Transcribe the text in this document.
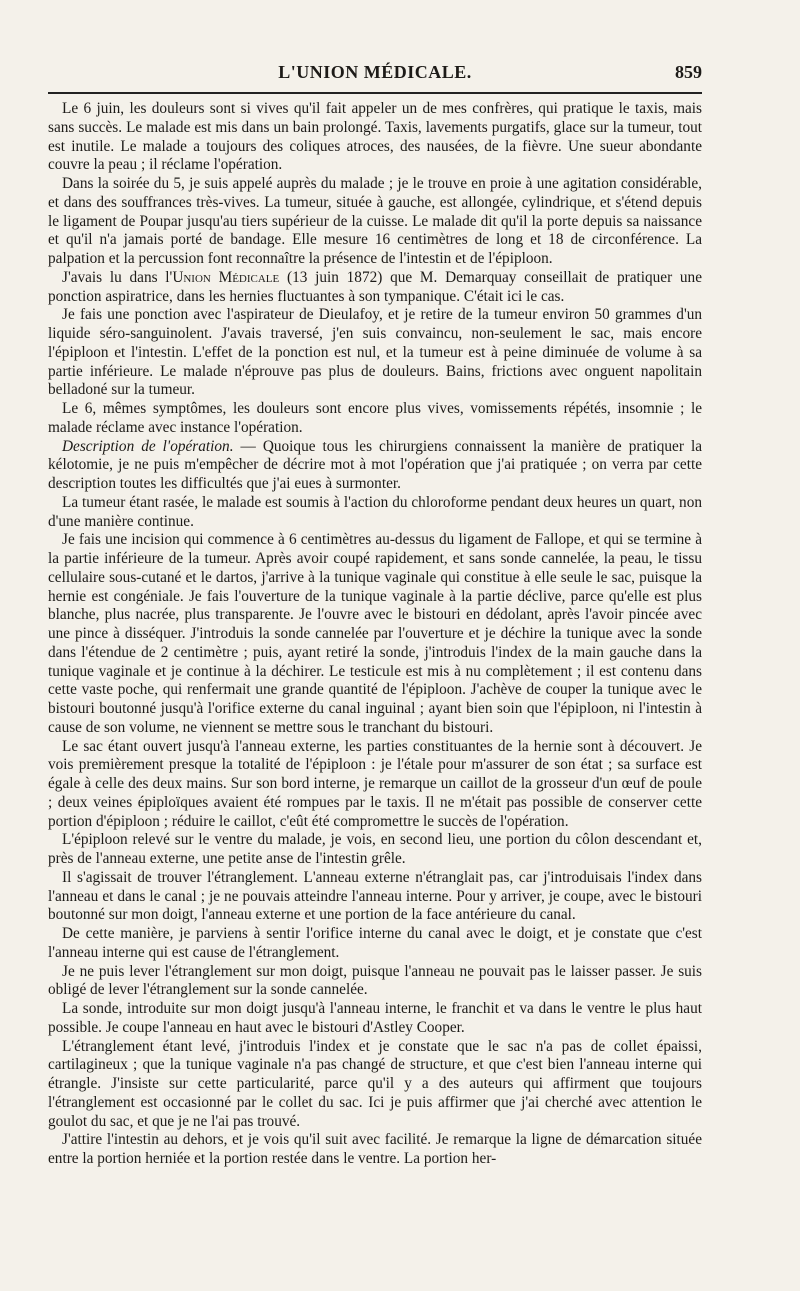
L'UNION MÉDICALE.	859

Le 6 juin, les douleurs sont si vives qu'il fait appeler un de mes confrères, qui pratique le taxis, mais sans succès. Le malade est mis dans un bain prolongé. Taxis, lavements purgatifs, glace sur la tumeur, tout est inutile. Le malade a toujours des coliques atroces, des nausées, de la fièvre. Une sueur abondante couvre la peau ; il réclame l'opération.

Dans la soirée du 5, je suis appelé auprès du malade ; je le trouve en proie à une agitation considérable, et dans des souffrances très-vives. La tumeur, située à gauche, est allongée, cylindrique, et s'étend depuis le ligament de Poupar jusqu'au tiers supérieur de la cuisse. Le malade dit qu'il la porte depuis sa naissance et qu'il n'a jamais porté de bandage. Elle mesure 16 centimètres de long et 18 de circonférence. La palpation et la percussion font reconnaître la présence de l'intestin et de l'épiploon.

J'avais lu dans l'Union Médicale (13 juin 1872) que M. Demarquay conseillait de pratiquer une ponction aspiratrice, dans les hernies fluctuantes à son tympanique. C'était ici le cas.

Je fais une ponction avec l'aspirateur de Dieulafoy, et je retire de la tumeur environ 50 grammes d'un liquide séro-sanguinolent. J'avais traversé, j'en suis convaincu, non-seulement le sac, mais encore l'épiploon et l'intestin. L'effet de la ponction est nul, et la tumeur est à peine diminuée de volume à sa partie inférieure. Le malade n'éprouve pas plus de douleurs. Bains, frictions avec onguent napolitain belladoné sur la tumeur.

Le 6, mêmes symptômes, les douleurs sont encore plus vives, vomissements répétés, insomnie ; le malade réclame avec instance l'opération.

Description de l'opération. — Quoique tous les chirurgiens connaissent la manière de pratiquer la kélotomie, je ne puis m'empêcher de décrire mot à mot l'opération que j'ai pratiquée ; on verra par cette description toutes les difficultés que j'ai eues à surmonter.

La tumeur étant rasée, le malade est soumis à l'action du chloroforme pendant deux heures un quart, non d'une manière continue.

Je fais une incision qui commence à 6 centimètres au-dessus du ligament de Fallope, et qui se termine à la partie inférieure de la tumeur. Après avoir coupé rapidement, et sans sonde cannelée, la peau, le tissu cellulaire sous-cutané et le dartos, j'arrive à la tunique vaginale qui constitue à elle seule le sac, puisque la hernie est congéniale. Je fais l'ouverture de la tunique vaginale à la partie déclive, parce qu'elle est plus blanche, plus nacrée, plus transparente. Je l'ouvre avec le bistouri en dédolant, après l'avoir pincée avec une pince à disséquer. J'introduis la sonde cannelée par l'ouverture et je déchire la tunique avec la sonde dans l'étendue de 2 centimètre ; puis, ayant retiré la sonde, j'introduis l'index de la main gauche dans la tunique vaginale et je continue à la déchirer. Le testicule est mis à nu complètement ; il est contenu dans cette vaste poche, qui renfermait une grande quantité de l'épiploon. J'achève de couper la tunique avec le bistouri boutonné jusqu'à l'orifice externe du canal inguinal ; ayant bien soin que l'épiploon, ni l'intestin à cause de son volume, ne viennent se mettre sous le tranchant du bistouri.

Le sac étant ouvert jusqu'à l'anneau externe, les parties constituantes de la hernie sont à découvert. Je vois premièrement presque la totalité de l'épiploon : je l'étale pour m'assurer de son état ; sa surface est égale à celle des deux mains. Sur son bord interne, je remarque un caillot de la grosseur d'un œuf de poule ; deux veines épiploïques avaient été rompues par le taxis. Il ne m'était pas possible de conserver cette portion d'épiploon ; réduire le caillot, c'eût été compromettre le succès de l'opération.

L'épiploon relevé sur le ventre du malade, je vois, en second lieu, une portion du côlon descendant et, près de l'anneau externe, une petite anse de l'intestin grêle.

Il s'agissait de trouver l'étranglement. L'anneau externe n'étranglait pas, car j'introduisais l'index dans l'anneau et dans le canal ; je ne pouvais atteindre l'anneau interne. Pour y arriver, je coupe, avec le bistouri boutonné sur mon doigt, l'anneau externe et une portion de la face antérieure du canal.

De cette manière, je parviens à sentir l'orifice interne du canal avec le doigt, et je constate que c'est l'anneau interne qui est cause de l'étranglement.

Je ne puis lever l'étranglement sur mon doigt, puisque l'anneau ne pouvait pas le laisser passer. Je suis obligé de lever l'étranglement sur la sonde cannelée.

La sonde, introduite sur mon doigt jusqu'à l'anneau interne, le franchit et va dans le ventre le plus haut possible. Je coupe l'anneau en haut avec le bistouri d'Astley Cooper.

L'étranglement étant levé, j'introduis l'index et je constate que le sac n'a pas de collet épaissi, cartilagineux ; que la tunique vaginale n'a pas changé de structure, et que c'est bien l'anneau interne qui étrangle. J'insiste sur cette particularité, parce qu'il y a des auteurs qui affirment que toujours l'étranglement est occasionné par le collet du sac. Ici je puis affirmer que j'ai cherché avec attention le goulot du sac, et que je ne l'ai pas trouvé.

J'attire l'intestin au dehors, et je vois qu'il suit avec facilité. Je remarque la ligne de démarcation située entre la portion herniée et la portion restée dans le ventre. La portion her-
